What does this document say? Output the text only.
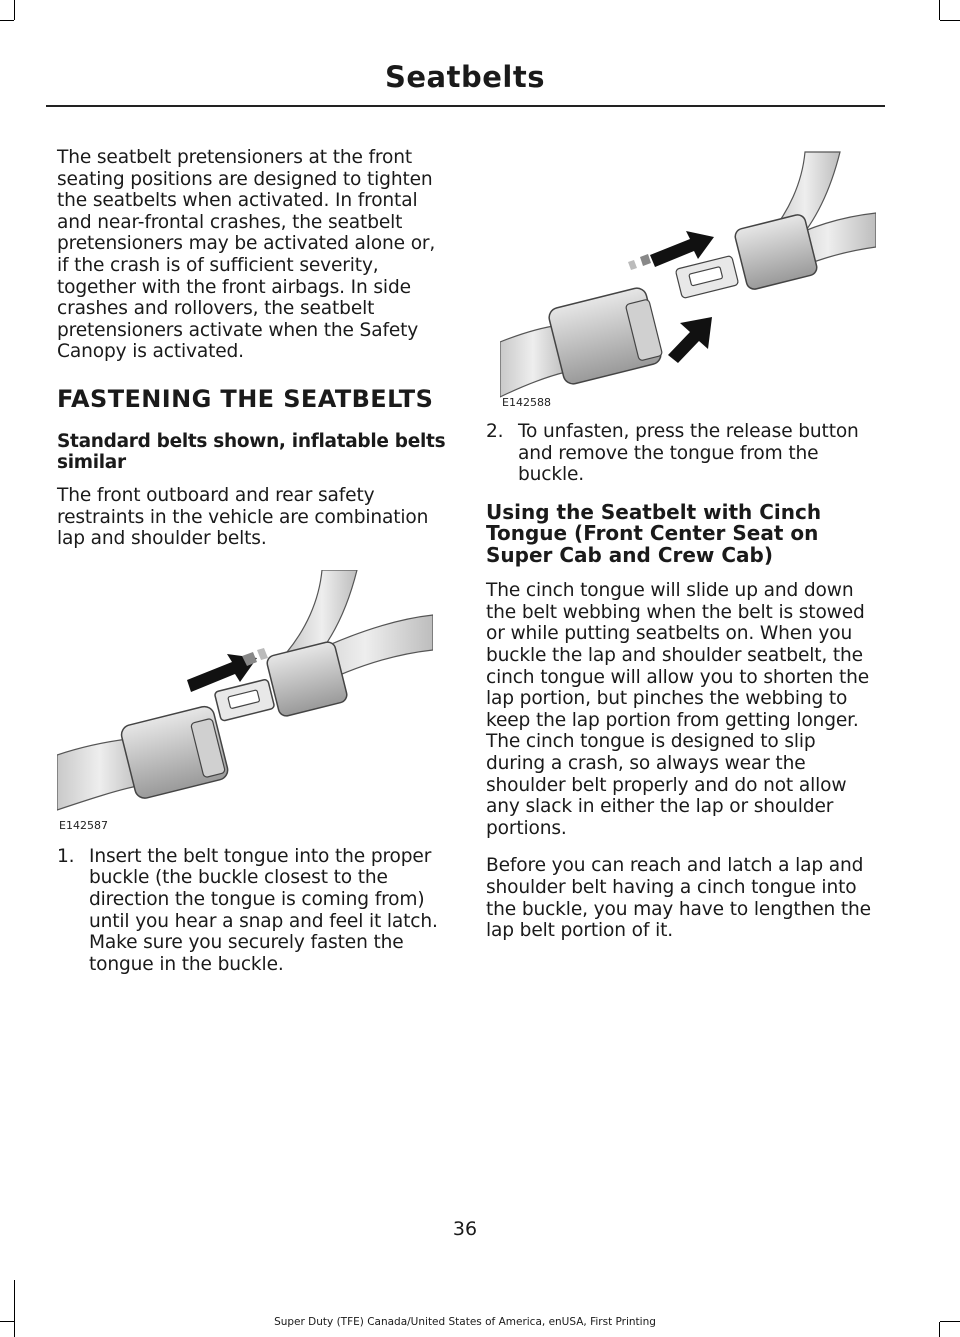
Seatbelts

The seatbelt pretensioners at the front seating positions are designed to tighten the seatbelts when activated. In frontal and near-frontal crashes, the seatbelt pretensioners may be activated alone or, if the crash is of sufficient severity, together with the front airbags. In side crashes and rollovers, the seatbelt pretensioners activate when the Safety Canopy is activated.

FASTENING THE SEATBELTS
Standard belts shown, inflatable belts similar

The front outboard and rear safety restraints in the vehicle are combination lap and shoulder belts.

E142587
1. Insert the belt tongue into the proper buckle (the buckle closest to the direction the tongue is coming from) until you hear a snap and feel it latch. Make sure you securely fasten the tongue in the buckle.
E142588
2. To unfasten, press the release button and remove the tongue from the buckle.
Using the Seatbelt with Cinch Tongue (Front Center Seat on Super Cab and Crew Cab)

The cinch tongue will slide up and down the belt webbing when the belt is stowed or while putting seatbelts on. When you buckle the lap and shoulder seatbelt, the cinch tongue will allow you to shorten the lap portion, but pinches the webbing to keep the lap portion from getting longer. The cinch tongue is designed to slip during a crash, so always wear the shoulder belt properly and do not allow any slack in either the lap or shoulder portions.

Before you can reach and latch a lap and shoulder belt having a cinch tongue into the buckle, you may have to lengthen the lap belt portion of it.

36
Super Duty (TFE) Canada/United States of America, enUSA, First Printing
